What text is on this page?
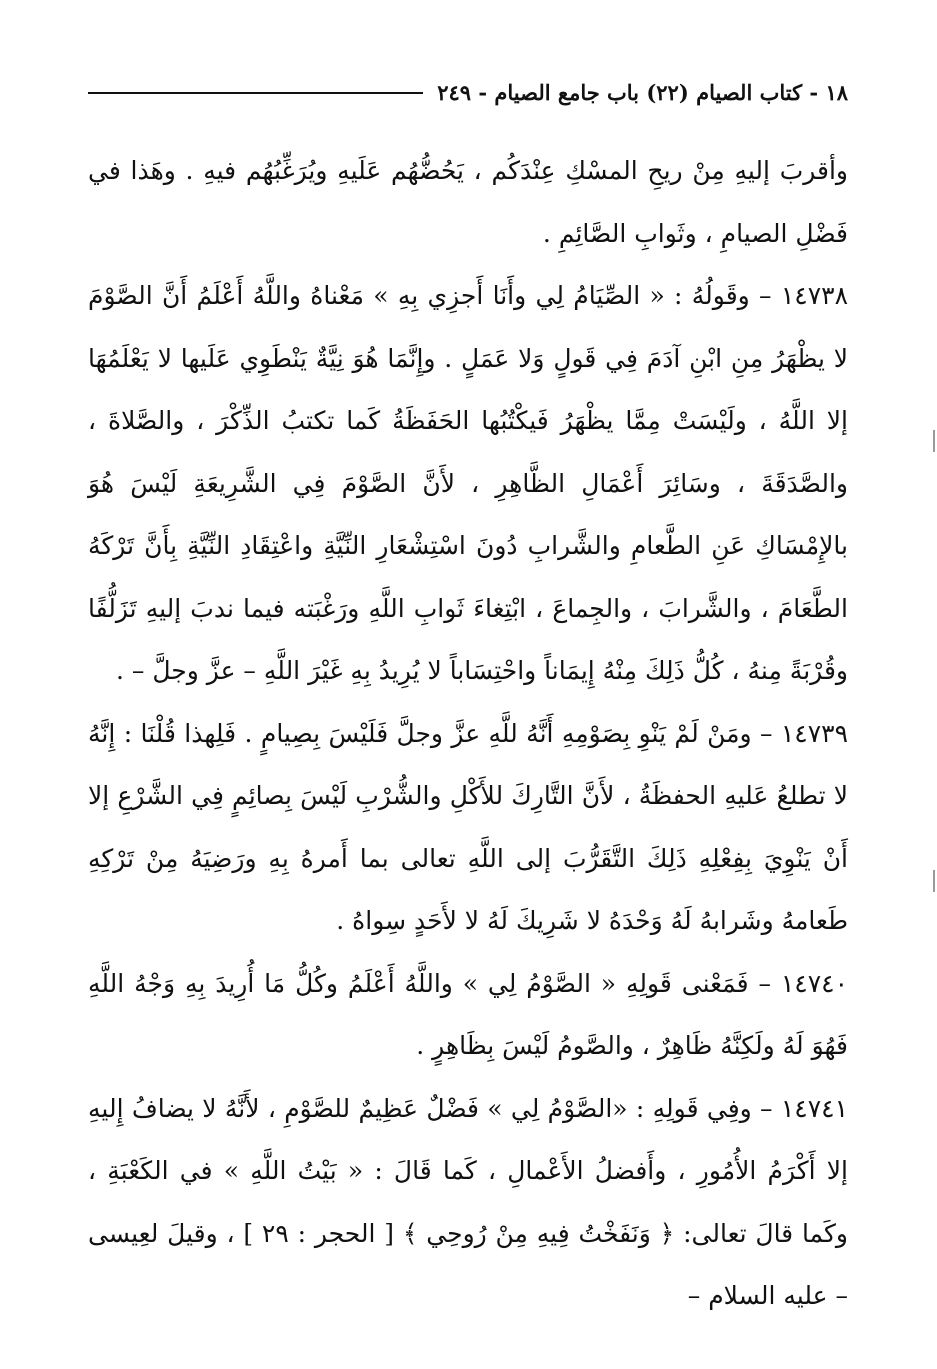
١٨ - كتاب الصيام (٢٢) باب جامع الصيام - ٢٤٩

وأقربَ إليهِ مِنْ ريحِ المسْكِ عِنْدَكُم ، يَحُضُّهُم عَلَيهِ ويُرَغِّبُهُم فيهِ . وهَذا في فَضْلِ الصيامِ ، وثَوابِ الصَّائِمِ .

١٤٧٣٨ – وقَولُهُ : « الصِّيَامُ لِي وأَنَا أَجزِي بِهِ » مَعْناهُ واللَّهُ أَعْلَمُ أَنَّ الصَّوْمَ لا يظْهَرُ مِنِ ابْنِ آدَمَ فِي قَولٍ وَلا عَمَلٍ . وإِنَّمَا هُوَ نِيَّةٌ يَنْطَوِي عَلَيها لا يَعْلَمُهَا إلا اللَّهُ ، ولَيْسَتْ مِمَّا يظْهَرُ فَيكْتُبُها الحَفَظَةُ كَما تكتبُ الذِّكْرَ ، والصَّلاةَ ، والصَّدَقَةَ ، وسَائِرَ أَعْمَالِ الظَّاهِرِ ، لأَنَّ الصَّوْمَ فِي الشَّرِيعَةِ لَيْسَ هُوَ بالإِمْسَاكِ عَنِ الطَّعامِ والشَّرابِ دُونَ اسْتِشْعَارِ النِّيَّةِ واعْتِقَادِ النِّيَّةِ بِأَنَّ تَرْكَهُ الطَّعَامَ ، والشَّرابَ ، والجِماعَ ، ابْتِغاءَ ثَوابِ اللَّهِ ورَغْبَته فيما ندبَ إليهِ تَزَلُّفًا وقُرْبَةً مِنهُ ، كُلُّ ذَلِكَ مِنْهُ إِيمَاناً واحْتِسَاباً لا يُرِيدُ بِهِ غَيْرَ اللَّهِ – عزَّ وجلَّ – .

١٤٧٣٩ – ومَنْ لَمْ يَنْوِ بِصَوْمِهِ أَنَّهُ للَّهِ عزَّ وجلَّ فَلَيْسَ بِصِيامٍ . فَلِهذا قُلْنَا : إِنَّهُ لا تطلعُ عَليهِ الحفظَةُ ، لأَنَّ التَّارِكَ للأَكْلِ والشُّرْبِ لَيْسَ بِصائِمٍ فِي الشَّرْعِ إلا أَنْ يَنْوِيَ بِفِعْلِهِ ذَلِكَ التَّقَرُّبَ إلى اللَّهِ تعالى بما أَمرهُ بِهِ ورَضِيَهُ مِنْ تَرْكِهِ طَعامهُ وشَرابهُ لَهُ وَحْدَهُ لا شَرِيكَ لَهُ لا لأَحَدٍ سِواهُ .

١٤٧٤٠ – فَمَعْنى قَولِهِ « الصَّوْمُ لِي » واللَّهُ أَعْلَمُ وكُلُّ مَا أُرِيدَ بِهِ وَجْهُ اللَّهِ فَهُوَ لَهُ ولَكِنَّهُ ظَاهِرٌ ، والصَّومُ لَيْسَ بِظَاهِرٍ .

١٤٧٤١ – وفِي قَولِهِ : «الصَّوْمُ لِي » فَضْلٌ عَظِيمٌ للصَّوْمِ ، لأَنَّهُ لا يضافُ إِليهِ إلا أَكْرَمُ الأُمُورِ ، وأَفضلُ الأَعْمالِ ، كَما قَالَ : « بَيْتُ اللَّهِ » في الكَعْبَةِ ، وكَما قالَ تعالى: ﴿ وَنَفَخْتُ فِيهِ مِنْ رُوحِي ﴾ [ الحجر : ٢٩ ] ، وقيلَ لعِيسى – عليه السلام –
